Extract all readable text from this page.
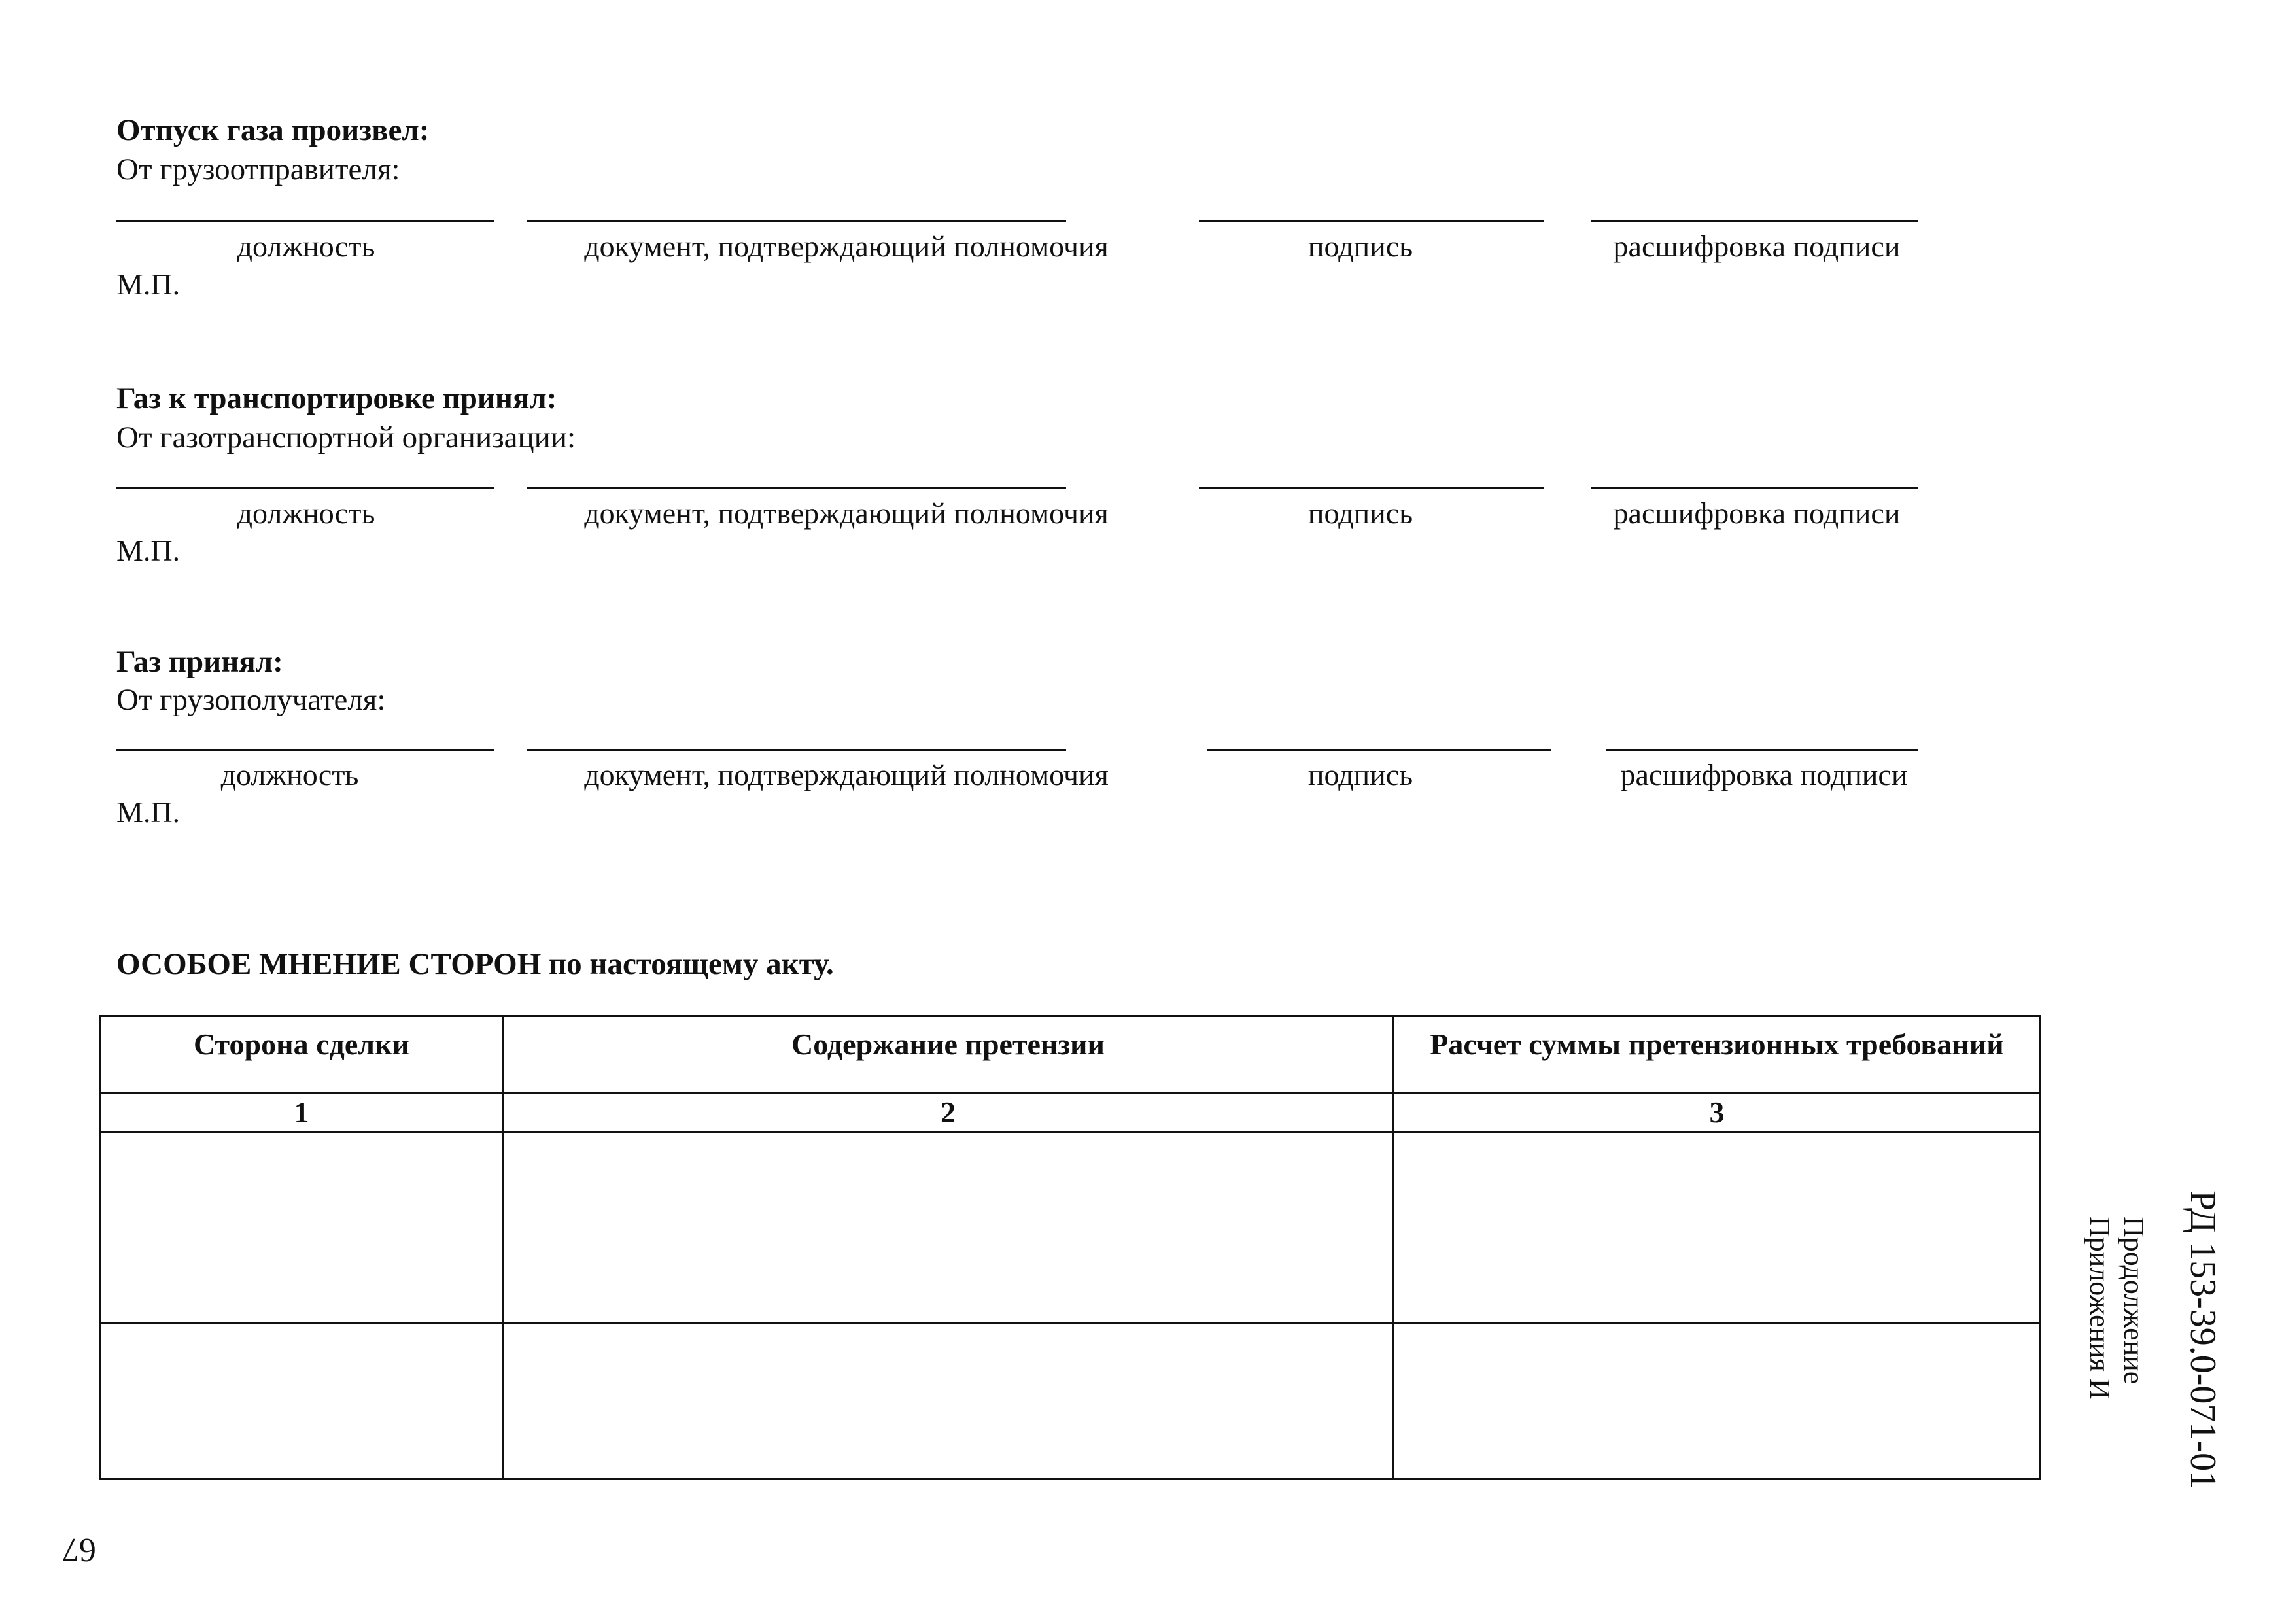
Отпуск газа произвел:
От грузоотправителя:
должность	документ, подтверждающий полномочия	подпись	расшифровка подписи
М.П.
Газ к транспортировке принял:
От газотранспортной организации:
должность	документ, подтверждающий полномочия	подпись	расшифровка подписи
М.П.
Газ принял:
От грузополучателя:
должность	документ, подтверждающий полномочия	подпись	расшифровка подписи
М.П.
ОСОБОЕ МНЕНИЕ СТОРОН по настоящему акту.
Сторона сделки	Содержание претензии	Расчет суммы претензионных требований

1	2	3

РД 153-39.0-071-01
Продолжение
Приложения И
67
